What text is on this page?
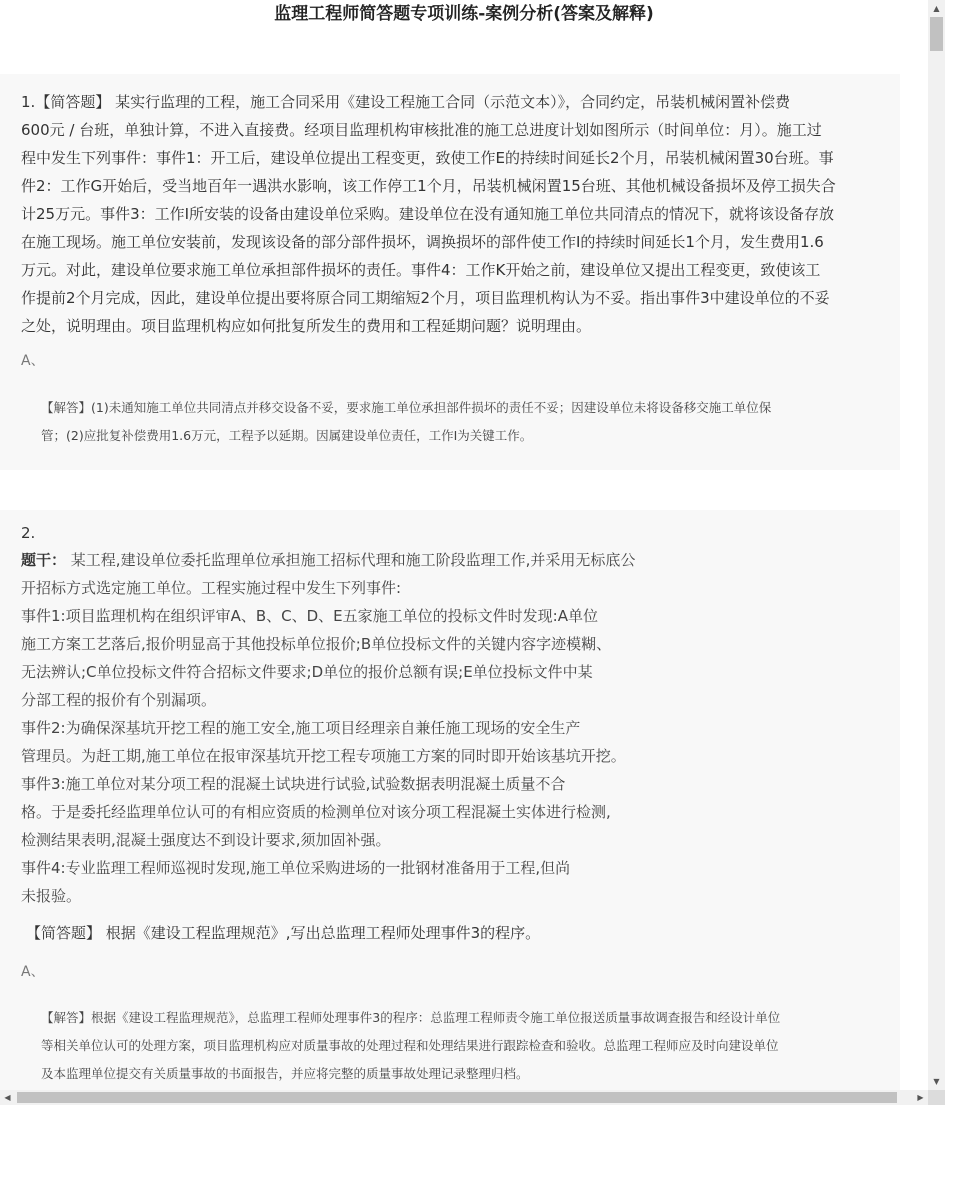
监理工程师简答题专项训练-案例分析(答案及解释)
1.【简答题】 某实行监理的工程，施工合同采用《建设工程施工合同（示范文本）》，合同约定，吊装机械闲置补偿费
600元 / 台班，单独计算，不进入直接费。经项目监理机构审核批准的施工总进度计划如图所示（时间单位：月）。施工过
程中发生下列事件：事件1：开工后，建设单位提出工程变更，致使工作E的持续时间延长2个月，吊装机械闲置30台班。事
件2：工作G开始后，受当地百年一遇洪水影响，该工作停工1个月，吊装机械闲置15台班、其他机械设备损坏及停工损失合
计25万元。事件3：工作I所安装的设备由建设单位采购。建设单位在没有通知施工单位共同清点的情况下，就将该设备存放
在施工现场。施工单位安装前，发现该设备的部分部件损坏，调换损坏的部件使工作I的持续时间延长1个月，发生费用1.6
万元。对此，建设单位要求施工单位承担部件损坏的责任。事件4：工作K开始之前，建设单位又提出工程变更，致使该工
作提前2个月完成，因此，建设单位提出要将原合同工期缩短2个月，项目监理机构认为不妥。指出事件3中建设单位的不妥
之处，说明理由。项目监理机构应如何批复所发生的费用和工程延期问题？说明理由。
A、
【解答】(1)未通知施工单位共同清点并移交设备不妥，要求施工单位承担部件损坏的责任不妥；因建设单位未将设备移交施工单位保
管；(2)应批复补偿费用1.6万元，工程予以延期。因属建设单位责任，工作I为关键工作。
2.
题干： 某工程,建设单位委托监理单位承担施工招标代理和施工阶段监理工作,并采用无标底公
开招标方式选定施工单位。工程实施过程中发生下列事件:
事件1:项目监理机构在组织评审A、B、C、D、E五家施工单位的投标文件时发现:A单位
施工方案工艺落后,报价明显高于其他投标单位报价;B单位投标文件的关键内容字迹模糊、
无法辨认;C单位投标文件符合招标文件要求;D单位的报价总额有误;E单位投标文件中某
分部工程的报价有个别漏项。
事件2:为确保深基坑开挖工程的施工安全,施工项目经理亲自兼任施工现场的安全生产
管理员。为赶工期,施工单位在报审深基坑开挖工程专项施工方案的同时即开始该基坑开挖。
事件3:施工单位对某分项工程的混凝土试块进行试验,试验数据表明混凝土质量不合
格。于是委托经监理单位认可的有相应资质的检测单位对该分项工程混凝土实体进行检测,
检测结果表明,混凝土强度达不到设计要求,须加固补强。
事件4:专业监理工程师巡视时发现,施工单位采购进场的一批钢材准备用于工程,但尚
未报验。
【简答题】 根据《建设工程监理规范》,写出总监理工程师处理事件3的程序。
A、
【解答】根据《建设工程监理规范》，总监理工程师处理事件3的程序：总监理工程师责令施工单位报送质量事故调查报告和经设计单位
等相关单位认可的处理方案，项目监理机构应对质量事故的处理过程和处理结果进行跟踪检查和验收。总监理工程师应及时向建设单位
及本监理单位提交有关质量事故的书面报告，并应将完整的质量事故处理记录整理归档。
▲
▼
◀	▶
